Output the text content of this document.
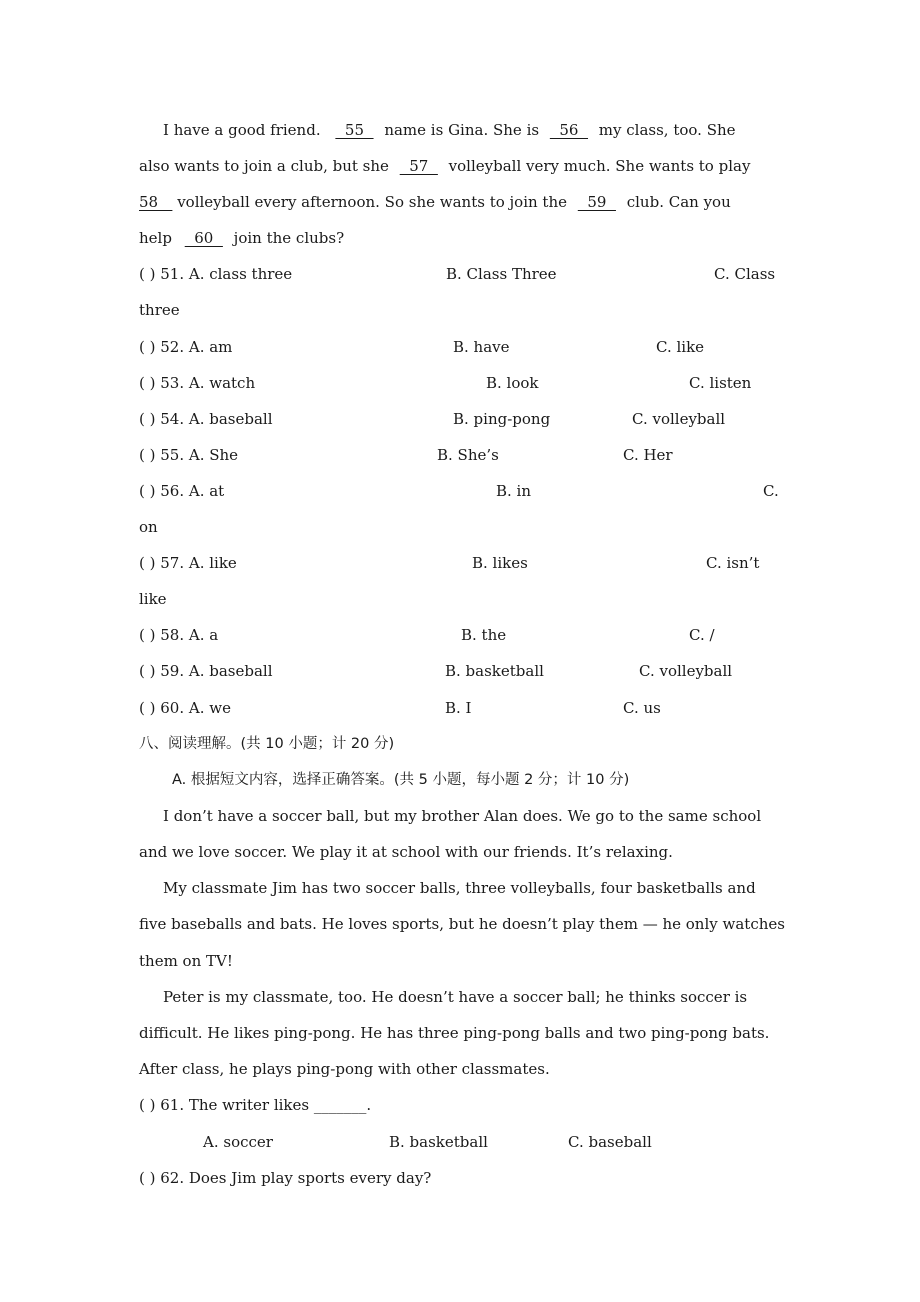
I have a good friend.   55   name is Gina. She is   56   my class, too. She
also wants to join a club, but she   57   volleyball very much. She wants to play
58    volleyball every afternoon. So she wants to join the   59   club. Can you
help   60   join the clubs?
( ) 51. A. class three	B. Class Three	C. Class
three
( ) 52. A. am	B. have	C. like
( ) 53. A. watch	B. look	C. listen
( ) 54. A. baseball	B. ping-pong	C. volleyball
( ) 55. A. She	B. She’s	C. Her
( ) 56. A. at	B. in	C.
on
( ) 57. A. like	B. likes	C. isn’t
like
( ) 58. A. a	B. the	C. /
( ) 59. A. baseball	B. basketball	C. volleyball
( ) 60. A. we	B. I	C. us
八、阅读理解。(共 10 小题；计 20 分)
A. 根据短文内容，选择正确答案。(共 5 小题，每小题 2 分；计 10 分)
I don’t have a soccer ball, but my brother Alan does. We go to the same school
and we love soccer. We play it at school with our friends. It’s relaxing.
My classmate Jim has two soccer balls, three volleyballs, four basketballs and
five baseballs and bats. He loves sports, but he doesn’t play them — he only watches
them on TV!
Peter is my classmate, too. He doesn’t have a soccer ball; he thinks soccer is
difficult. He likes ping-pong. He has three ping-pong balls and two ping-pong bats.
After class, he plays ping-pong with other classmates.
( ) 61. The writer likes _______.
A. soccer	B. basketball	C. baseball
( ) 62. Does Jim play sports every day?
